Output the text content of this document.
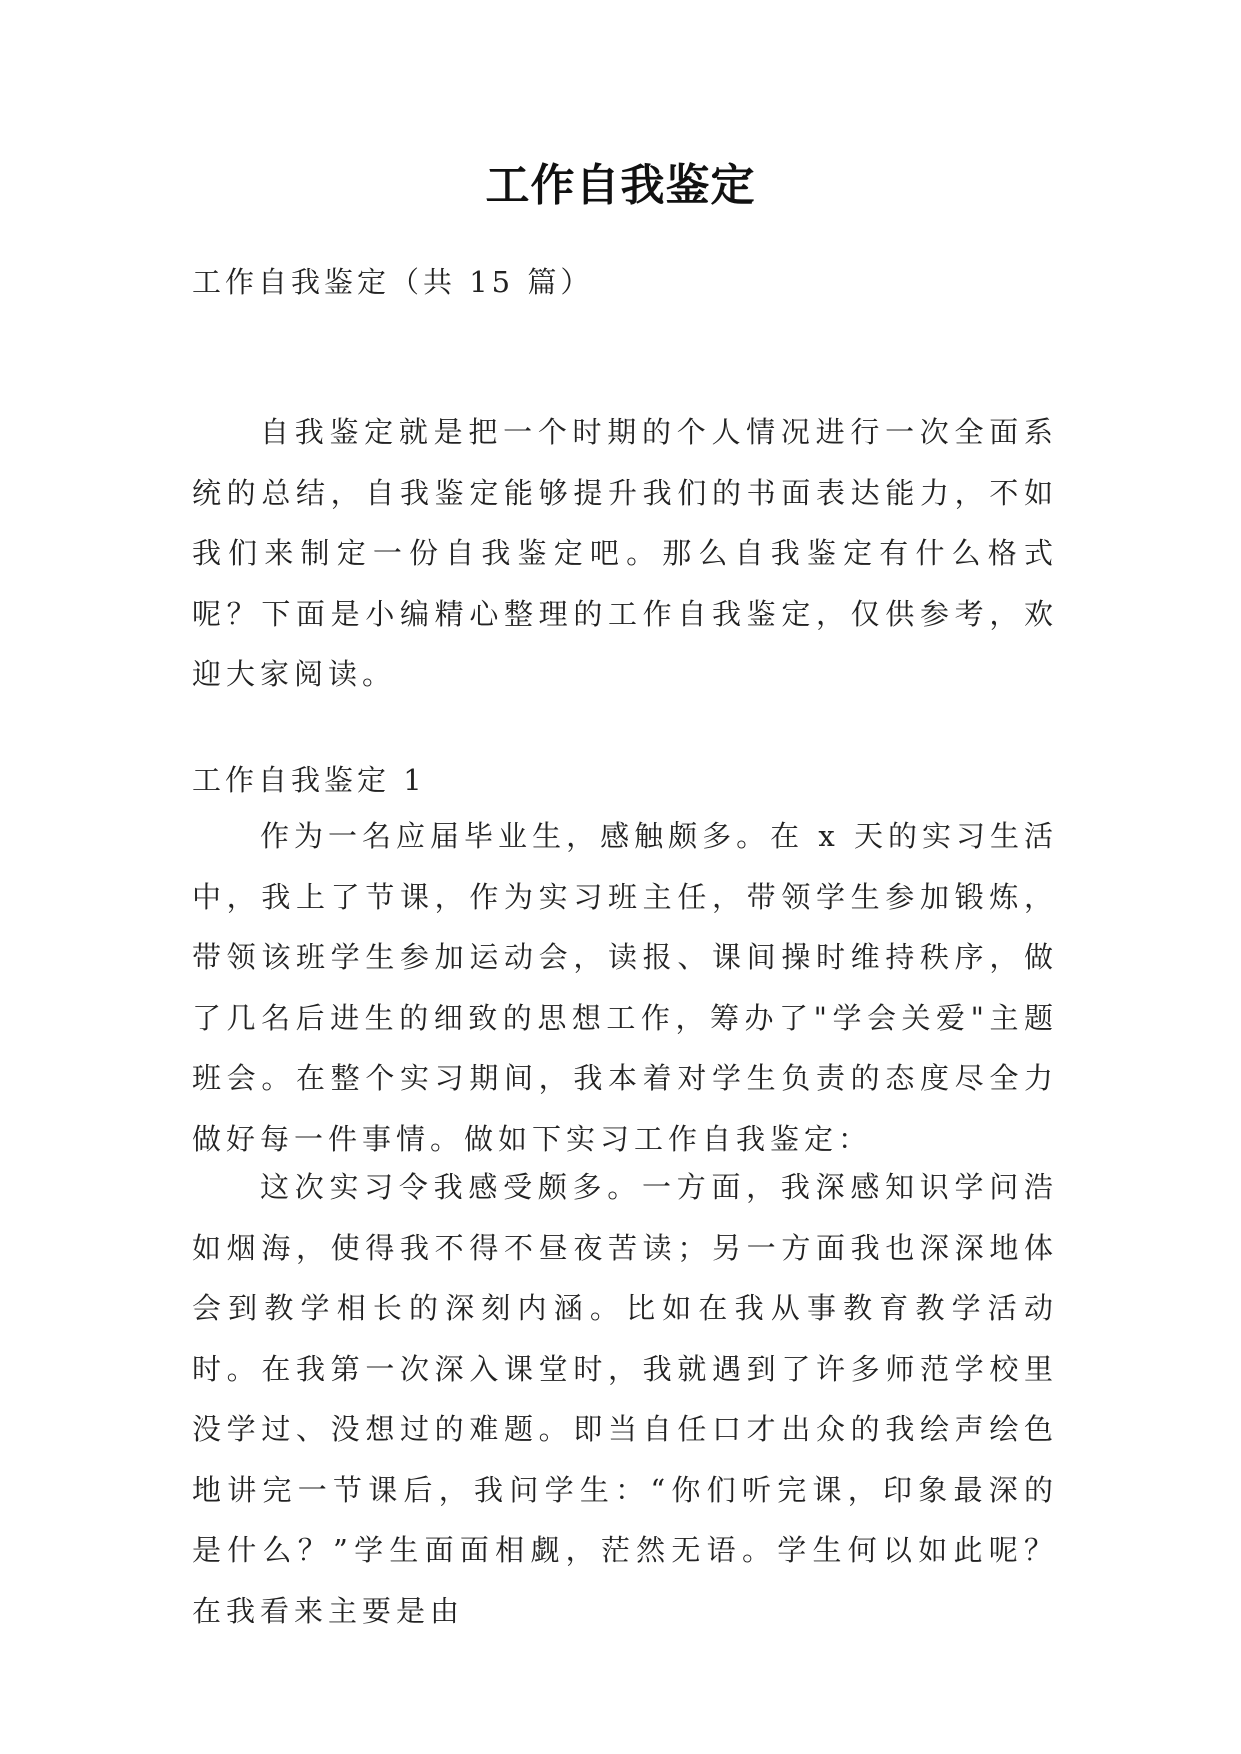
工作自我鉴定
工作自我鉴定（共 15 篇）

自我鉴定就是把一个时期的个人情况进行一次全面系统的总结，自我鉴定能够提升我们的书面表达能力，不如我们来制定一份自我鉴定吧。那么自我鉴定有什么格式呢？下面是小编精心整理的工作自我鉴定，仅供参考，欢迎大家阅读。

工作自我鉴定 1

作为一名应届毕业生，感触颇多。在 x 天的实习生活中，我上了节课，作为实习班主任，带领学生参加锻炼，带领该班学生参加运动会，读报、课间操时维持秩序，做了几名后进生的细致的思想工作，筹办了"学会关爱"主题班会。在整个实习期间，我本着对学生负责的态度尽全力做好每一件事情。做如下实习工作自我鉴定：

这次实习令我感受颇多。一方面，我深感知识学问浩如烟海，使得我不得不昼夜苦读；另一方面我也深深地体会到教学相长的深刻内涵。比如在我从事教育教学活动时。在我第一次深入课堂时，我就遇到了许多师范学校里没学过、没想过的难题。即当自任口才出众的我绘声绘色地讲完一节课后，我问学生：“你们听完课，印象最深的是什么？”学生面面相觑，茫然无语。学生何以如此呢？在我看来主要是由
